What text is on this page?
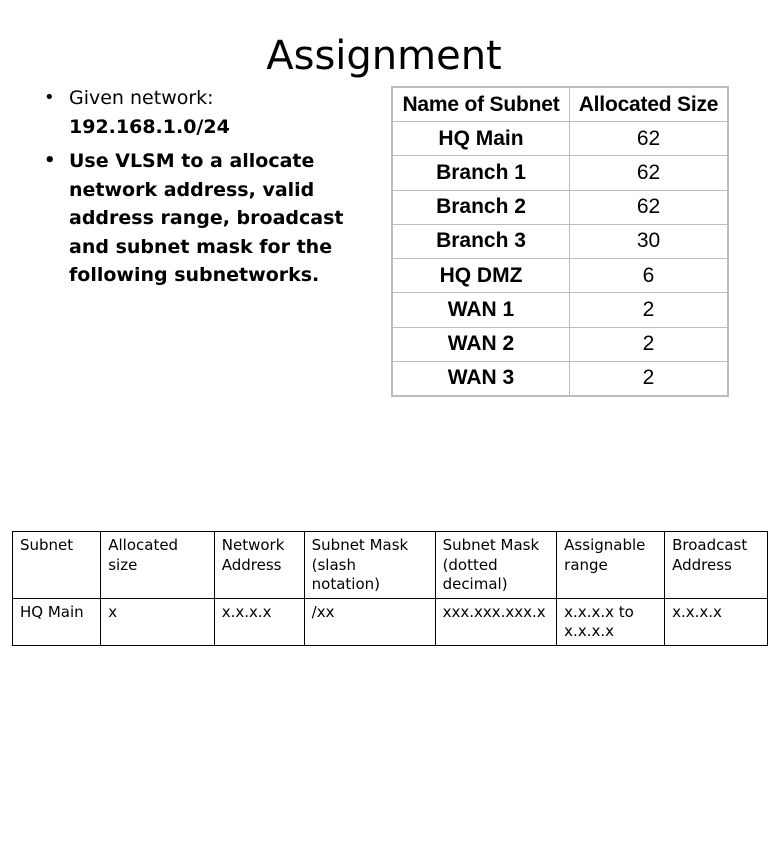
Assignment
• Given network:
192.168.1.0/24
• Use VLSM to a allocate network address, valid address range, broadcast and subnet mask for the following subnetworks.
Name of Subnet	Allocated Size
HQ Main	62
Branch 1	62
Branch 2	62
Branch 3	30
HQ DMZ	6
WAN 1	2
WAN 2	2
WAN 3	2
Subnet	Allocated size	Network Address	Subnet Mask (slash notation)	Subnet Mask (dotted decimal)	Assignable range	Broadcast Address
HQ Main	x	x.x.x.x	/xx	xxx.xxx.xxx.x	x.x.x.x to x.x.x.x	x.x.x.x
